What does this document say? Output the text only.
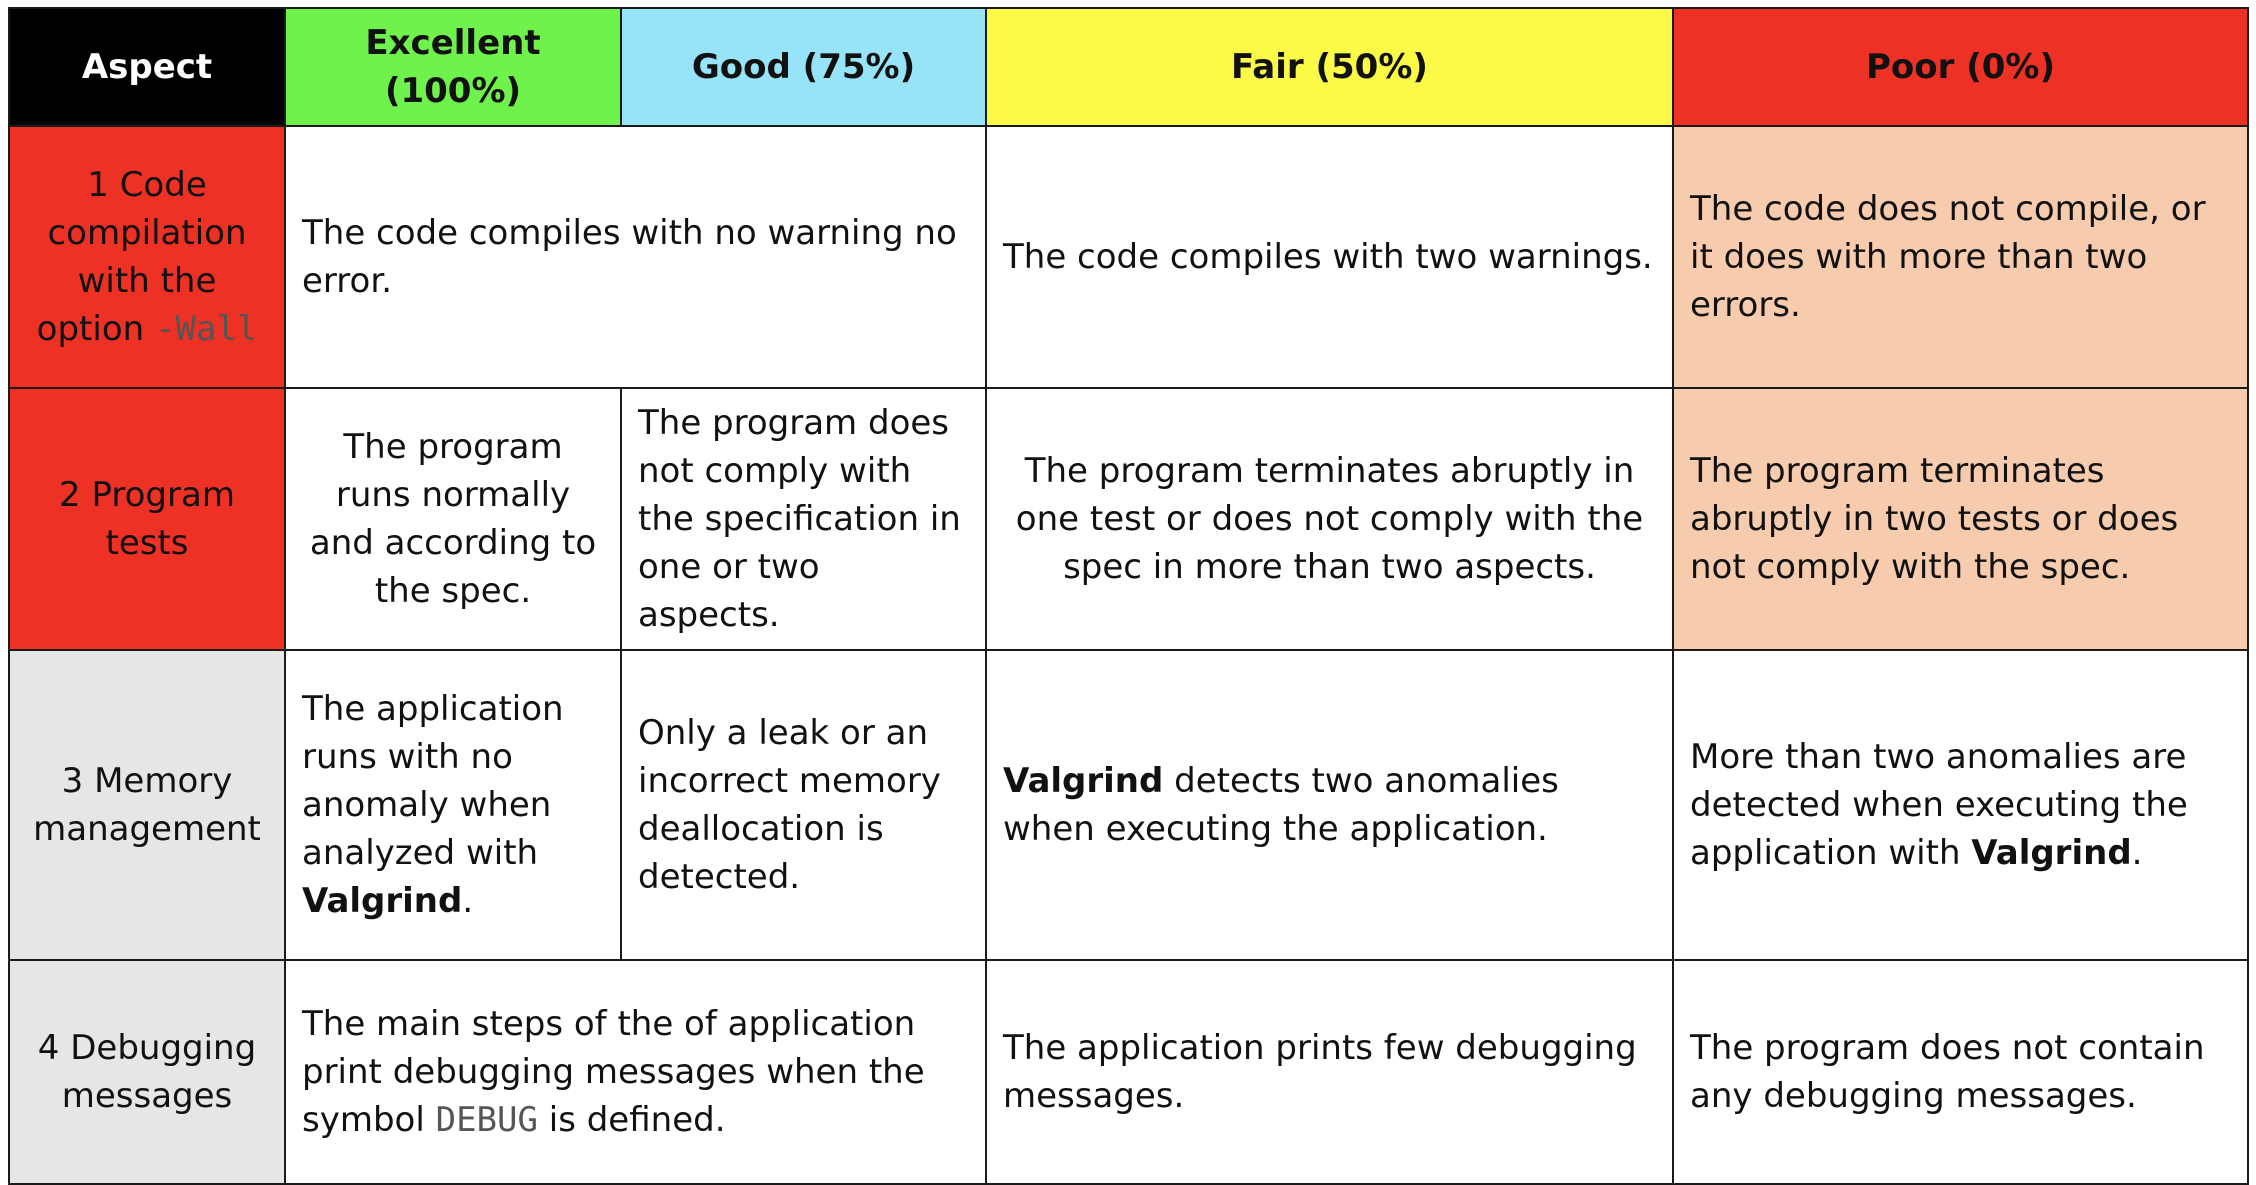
Aspect	Excellent (100%)	Good (75%)	Fair (50%)	Poor (0%)
1 Code compilation with the option -Wall	The code compiles with no warning no error.		The code compiles with two warnings.	The code does not compile, or it does with more than two errors.
2 Program tests	The program runs normally and according to the spec.	The program does not comply with the specification in one or two aspects.	The program terminates abruptly in one test or does not comply with the spec in more than two aspects.	The program terminates abruptly in two tests or does not comply with the spec.
3 Memory management	The application runs with no anomaly when analyzed with Valgrind.	Only a leak or an incorrect memory deallocation is detected.	Valgrind detects two anomalies when executing the application.	More than two anomalies are detected when executing the application with Valgrind.
4 Debugging messages	The main steps of the of application print debugging messages when the symbol DEBUG is defined.		The application prints few debugging messages.	The program does not contain any debugging messages.
